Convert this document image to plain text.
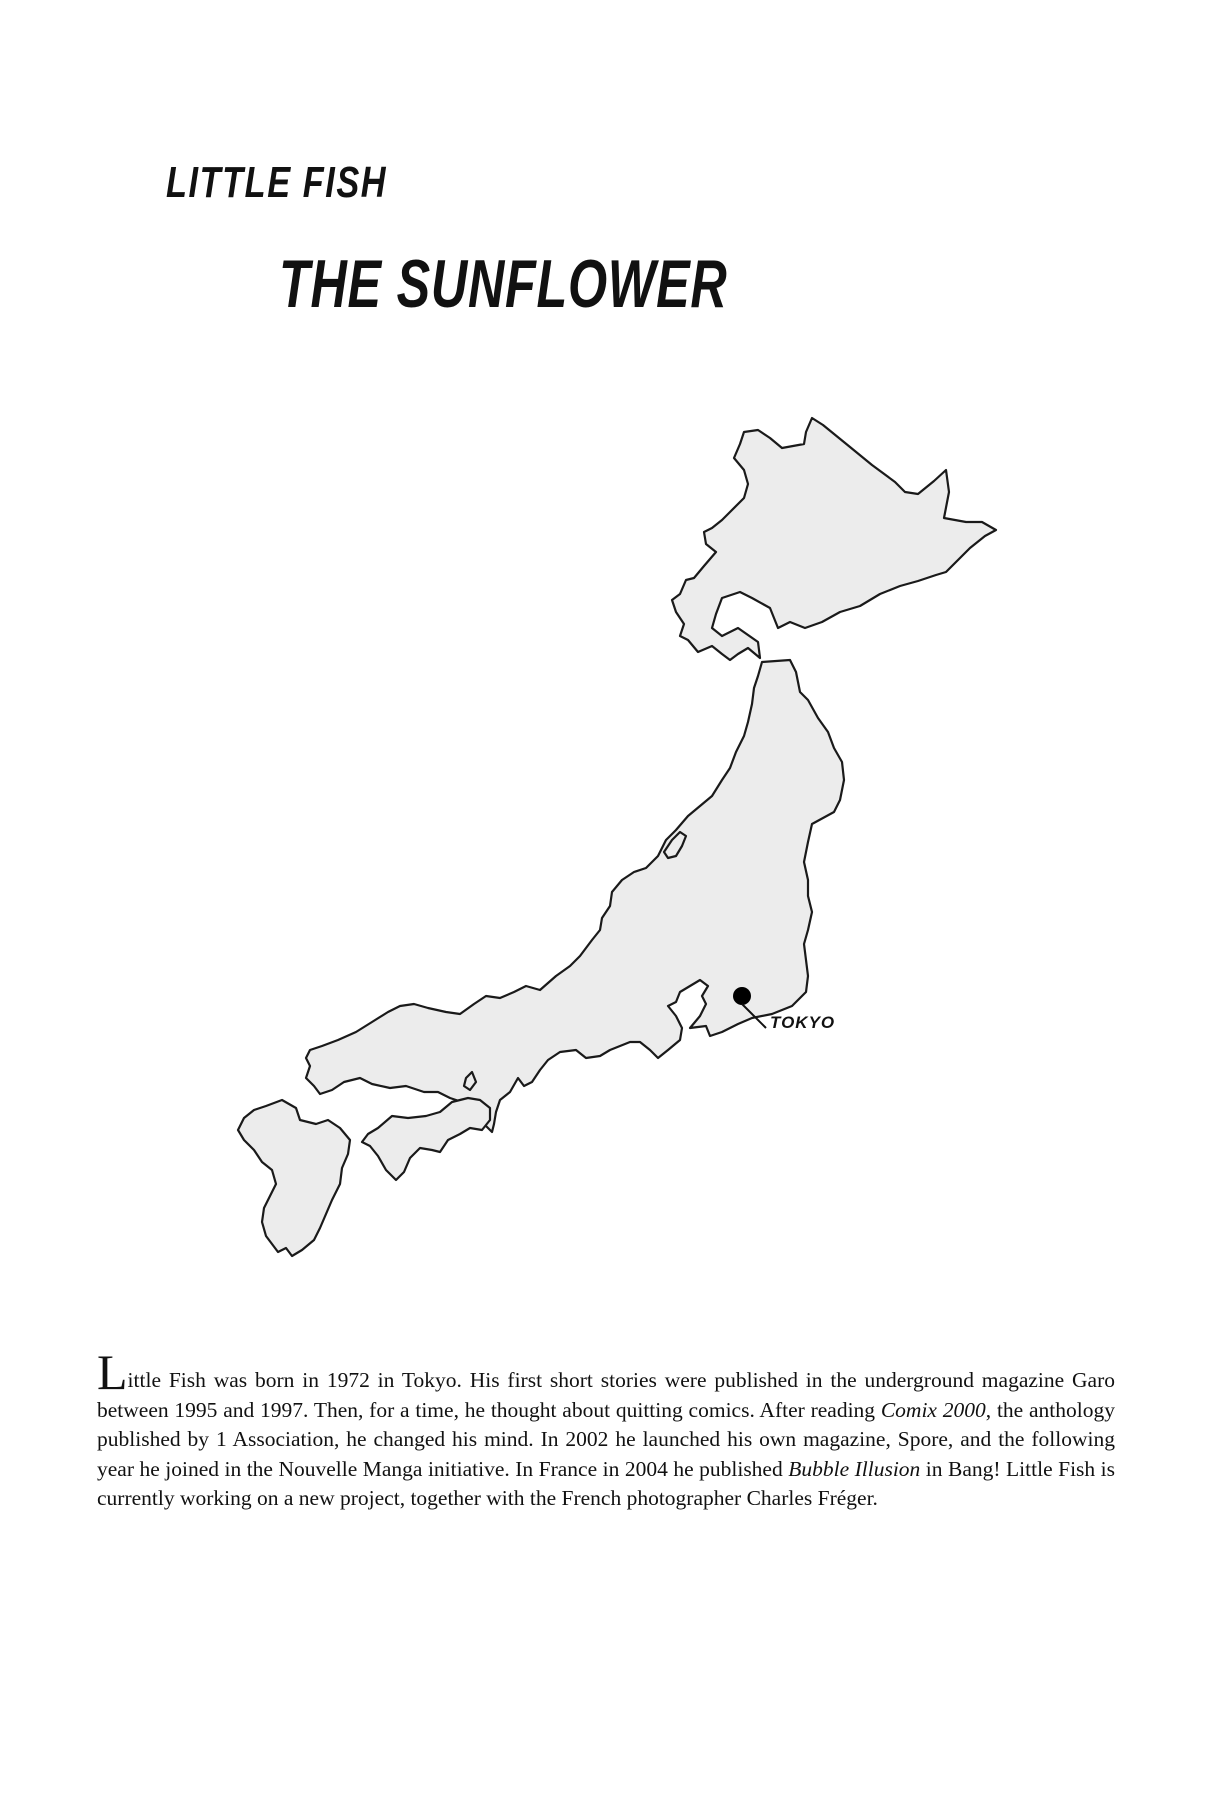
LITTLE FISH
THE SUNFLOWER
TOKYO

Little Fish was born in 1972 in Tokyo. His first short stories were published in the underground magazine Garo between 1995 and 1997. Then, for a time, he thought about quitting comics. After reading Comix 2000, the anthology published by 1 Association, he changed his mind. In 2002 he launched his own magazine, Spore, and the following year he joined in the Nouvelle Manga initiative. In France in 2004 he published Bubble Illusion in Bang! Little Fish is currently working on a new project, together with the French photographer Charles Fréger.
